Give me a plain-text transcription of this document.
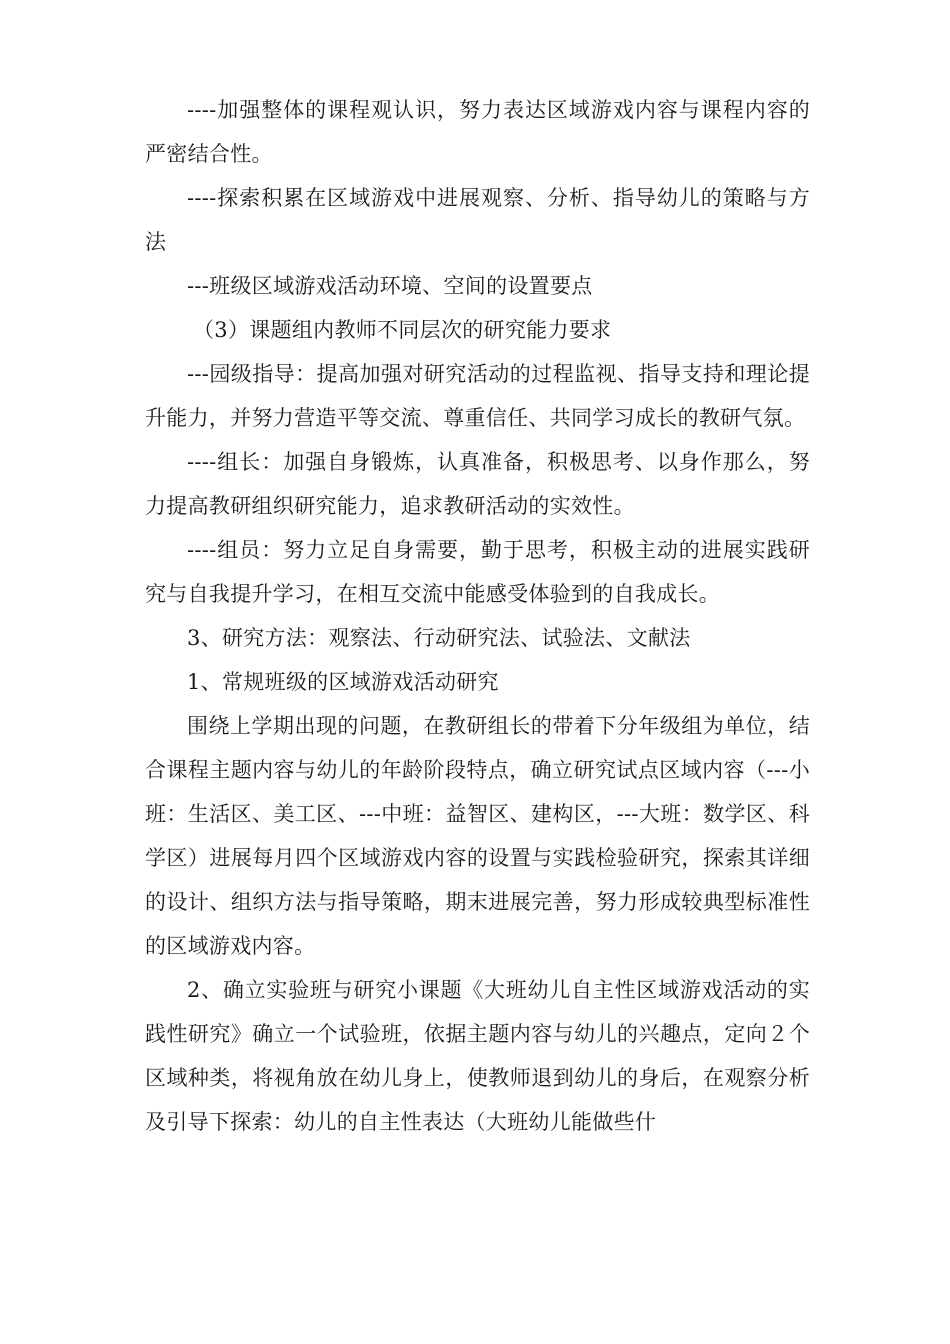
----加强整体的课程观认识，努力表达区域游戏内容与课程内容的严密结合性。

----探索积累在区域游戏中进展观察、分析、指导幼儿的策略与方法

---班级区域游戏活动环境、空间的设置要点

（3）课题组内教师不同层次的研究能力要求

---园级指导：提高加强对研究活动的过程监视、指导支持和理论提升能力，并努力营造平等交流、尊重信任、共同学习成长的教研气氛。

----组长：加强自身锻炼，认真准备，积极思考、以身作那么，努力提高教研组织研究能力，追求教研活动的实效性。

----组员：努力立足自身需要，勤于思考，积极主动的进展实践研究与自我提升学习，在相互交流中能感受体验到的自我成长。

3、研究方法：观察法、行动研究法、试验法、文献法

1、常规班级的区域游戏活动研究

围绕上学期出现的问题，在教研组长的带着下分年级组为单位，结合课程主题内容与幼儿的年龄阶段特点，确立研究试点区域内容（---小班：生活区、美工区、---中班：益智区、建构区，---大班：数学区、科学区）进展每月四个区域游戏内容的设置与实践检验研究，探索其详细的设计、组织方法与指导策略，期末进展完善，努力形成较典型标准性的区域游戏内容。

2、确立实验班与研究小课题《大班幼儿自主性区域游戏活动的实践性研究》确立一个试验班，依据主题内容与幼儿的兴趣点，定向２个区域种类，将视角放在幼儿身上，使教师退到幼儿的身后，在观察分析及引导下探索：幼儿的自主性表达（大班幼儿能做些什
